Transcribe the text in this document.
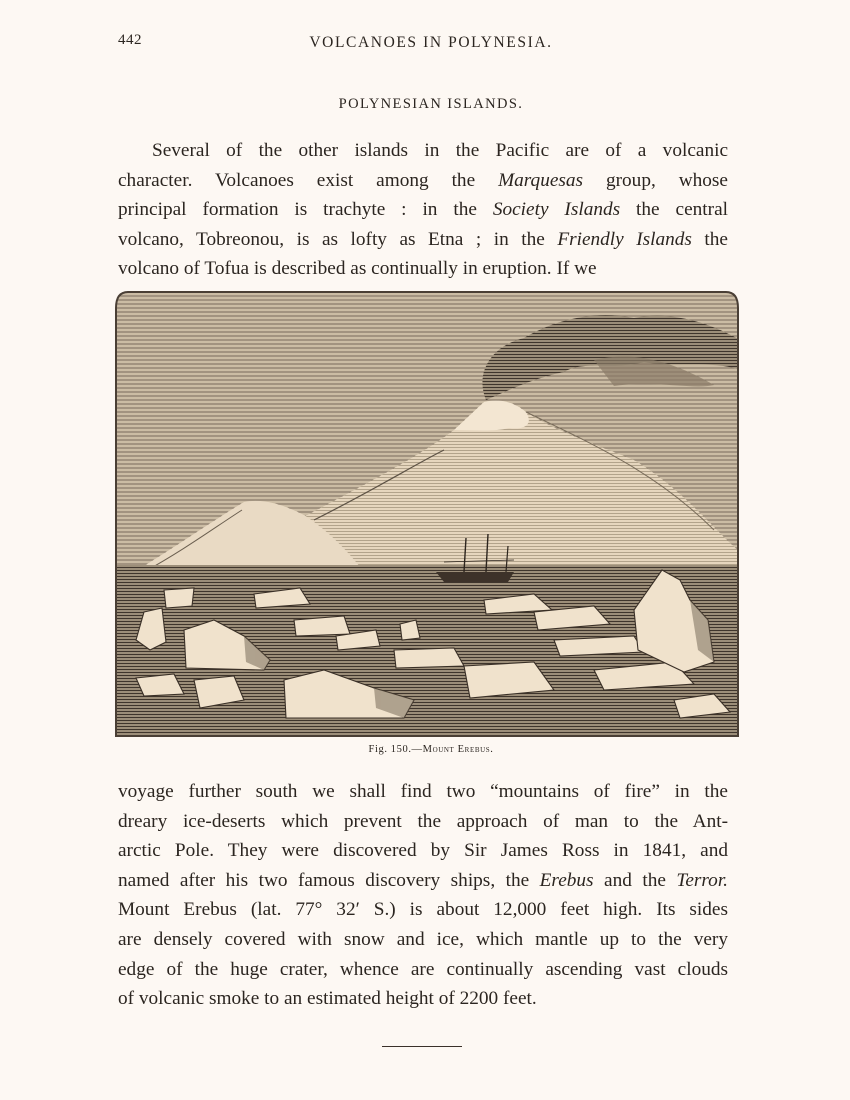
442	VOLCANOES IN POLYNESIA.
POLYNESIAN ISLANDS.
Several of the other islands in the Pacific are of a volcanic
character. Volcanoes exist among the Marquesas group, whose
principal formation is trachyte : in the Society Islands the central
volcano, Tobreonou, is as lofty as Etna ; in the Friendly Islands the
volcano of Tofua is described as continually in eruption. If we
Fig. 150.—Mount Erebus.
voyage further south we shall find two “mountains of fire” in the
dreary ice-deserts which prevent the approach of man to the Ant-
arctic Pole. They were discovered by Sir James Ross in 1841, and
named after his two famous discovery ships, the Erebus and the Terror.
Mount Erebus (lat. 77° 32′ S.) is about 12,000 feet high. Its sides
are densely covered with snow and ice, which mantle up to the very
edge of the huge crater, whence are continually ascending vast clouds
of volcanic smoke to an estimated height of 2200 feet.
